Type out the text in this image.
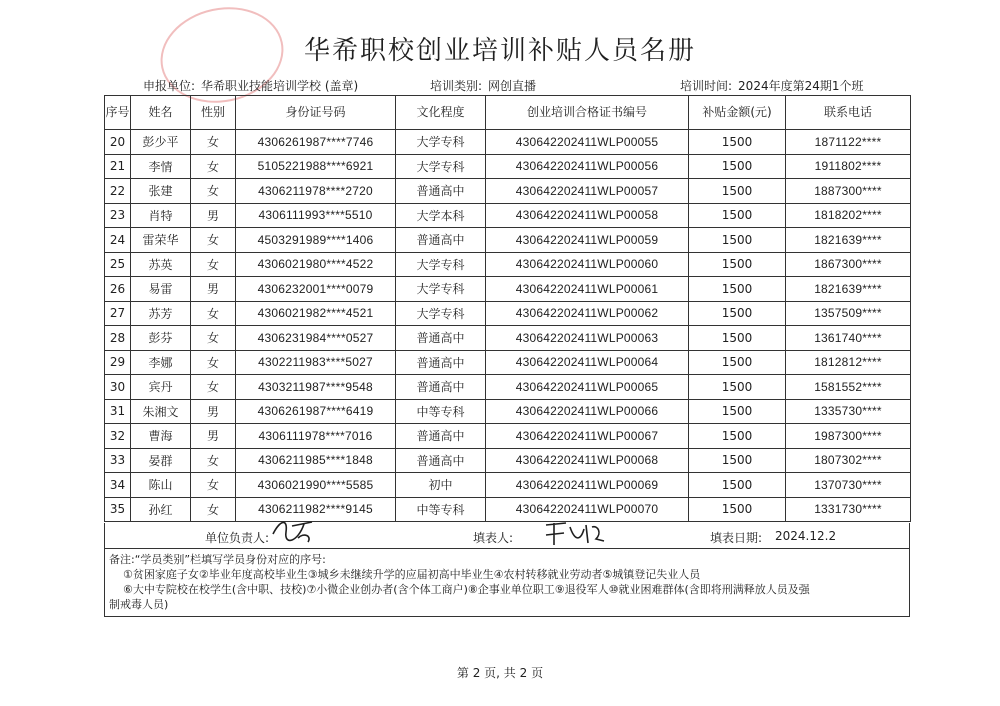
华希职校创业培训补贴人员名册
申报单位: 华希职业技能培训学校 (盖章)	培训类别: 网创直播	培训时间: 2024年度第24期1个班
序号	姓名	性别	身份证号码	文化程度	创业培训合格证书编号	补贴金额(元)	联系电话
20	彭少平	女	4306261987****7746	大学专科	430642202411WLP00055	1500	1871122****
21	李情	女	5105221988****6921	大学专科	430642202411WLP00056	1500	1911802****
22	张建	女	4306211978****2720	普通高中	430642202411WLP00057	1500	1887300****
23	肖特	男	4306111993****5510	大学本科	430642202411WLP00058	1500	1818202****
24	雷荣华	女	4503291989****1406	普通高中	430642202411WLP00059	1500	1821639****
25	苏英	女	4306021980****4522	大学专科	430642202411WLP00060	1500	1867300****
26	易雷	男	4306232001****0079	大学专科	430642202411WLP00061	1500	1821639****
27	苏芳	女	4306021982****4521	大学专科	430642202411WLP00062	1500	1357509****
28	彭芬	女	4306231984****0527	普通高中	430642202411WLP00063	1500	1361740****
29	李娜	女	4302211983****5027	普通高中	430642202411WLP00064	1500	1812812****
30	宾丹	女	4303211987****9548	普通高中	430642202411WLP00065	1500	1581552****
31	朱湘文	男	4306261987****6419	中等专科	430642202411WLP00066	1500	1335730****
32	曹海	男	4306111978****7016	普通高中	430642202411WLP00067	1500	1987300****
33	晏群	女	4306211985****1848	普通高中	430642202411WLP00068	1500	1807302****
34	陈山	女	4306021990****5585	初中	430642202411WLP00069	1500	1370730****
35	孙红	女	4306211982****9145	中等专科	430642202411WLP00070	1500	1331730****
单位负责人:	填表人:	填表日期: 2024.12.2
备注:“学员类别”栏填写学员身份对应的序号:
①贫困家庭子女②毕业年度高校毕业生③城乡未继续升学的应届初高中毕业生④农村转移就业劳动者⑤城镇登记失业人员
⑥大中专院校在校学生(含中职、技校)⑦小微企业创办者(含个体工商户)⑧企事业单位职工⑨退役军人⑩就业困难群体(含即将刑满释放人员及强
制戒毒人员)
第 2 页, 共 2 页
